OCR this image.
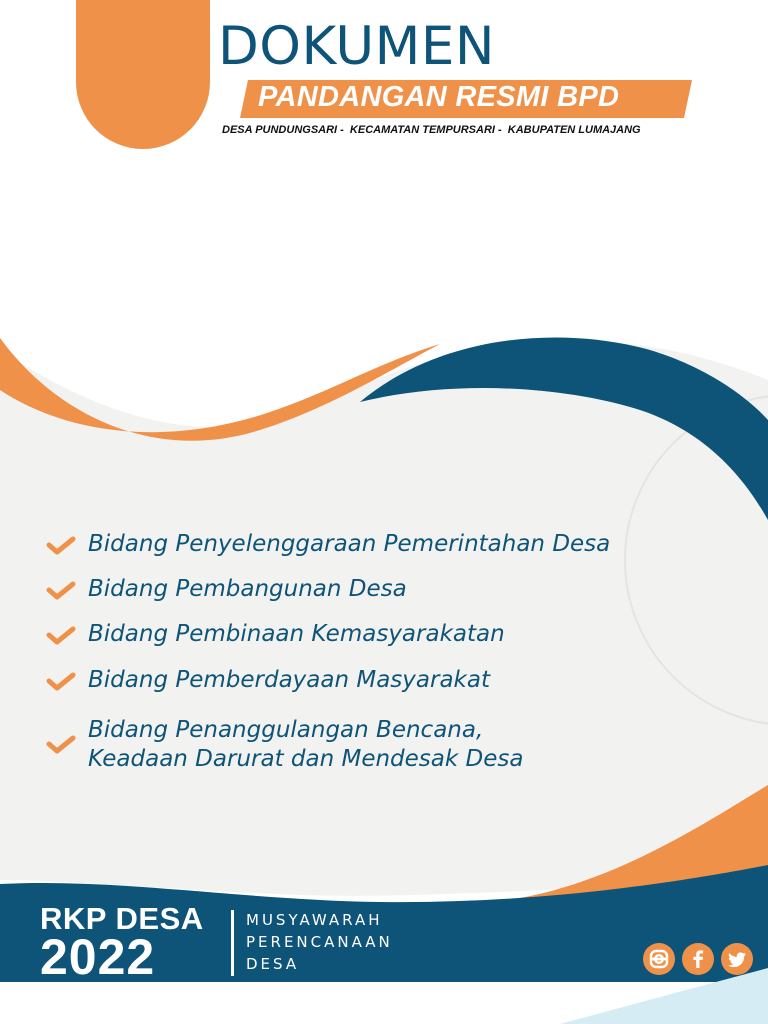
DOKUMEN
PANDANGAN RESMI BPD
DESA PUNDUNGSARI -  KECAMATAN TEMPURSARI -  KABUPATEN LUMAJANG
Bidang Penyelenggaraan Pemerintahan Desa
Bidang Pembangunan Desa
Bidang Pembinaan Kemasyarakatan
Bidang Pemberdayaan Masyarakat
Bidang Penanggulangan Bencana,
Keadaan Darurat dan Mendesak Desa
RKP DESA
2022
MUSYAWARAH
PERENCANAAN
DESA
